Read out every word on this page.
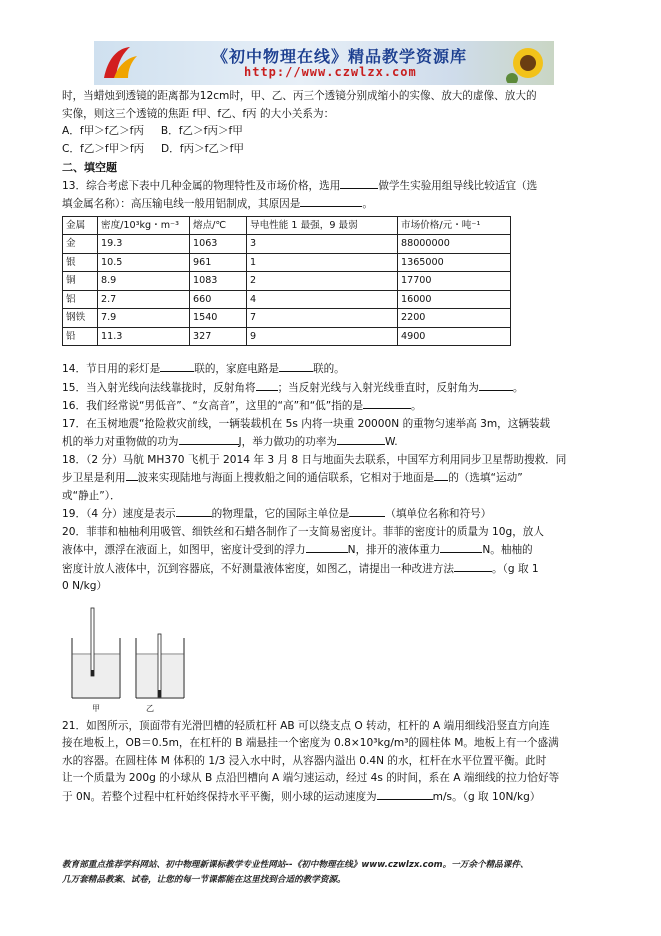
《初中物理在线》精品教学资源库
http://www.czwlzx.com

时，当蜡烛到透镜的距离都为12cm时，甲、乙、丙三个透镜分别成缩小的实像、放大的虚像、放大的

实像，则这三个透镜的焦距 f甲、f乙、f丙 的大小关系为：

A．f甲＞f乙＞f丙 B．f乙＞f丙＞f甲

C．f乙＞f甲＞f丙 D．f丙＞f乙＞f甲

二、填空题

13．综合考虑下表中几种金属的物理特性及市场价格，选用	做学生实验用组导线比较适宜（选

填金属名称）：高压输电线一般用铝制成，其原因是	。

金属	密度/10³kg・m⁻³	熔点/℃	导电性能 1 最强，9 最弱	市场价格/元・吨⁻¹
金	19.3	1063	3	88000000
银	10.5	961	1	1365000
铜	8.9	1083	2	17700
铝	2.7	660	4	16000
钢铁	7.9	1540	7	2200
铅	11.3	327	9	4900

14．节日用的彩灯是	联的，家庭电路是	联的。

15．当入射光线向法线靠拢时，反射角将 ；当反射光线与入射光线垂直时，反射角为	。

16．我们经常说“男低音”、“女高音”，这里的“高”和“低”指的是	。

17．在玉树地震“抢险救灾前线，一辆装载机在 5s 内将一块重 20000N 的重物匀速举高 3m，这辆装载

机的举力对重物做的功为	J，举力做功的功率为	W.

18．（2 分）马航 MH370 飞机于 2014 年 3 月 8 日与地面失去联系，中国军方利用同步卫星帮助搜救．同

步卫星是利用 波来实现陆地与海面上搜救船之间的通信联系，它相对于地面是 的（选填“运动”

或“静止”）．

19．（4 分）速度是表示	的物理量，它的国际主单位是	（填单位名称和符号）

20．菲菲和柚柚利用吸管、细铁丝和石蜡各制作了一支简易密度计。菲菲的密度计的质量为 10g，放人

液体中，漂浮在液面上，如图甲，密度计受到的浮力	N，排开的液体重力	N。柚柚的

密度计放人液体中，沉到容器底，不好测量液体密度，如图乙，请提出一种改进方法	。（g 取 1

0 N/kg）

甲	乙

21．如图所示，顶面带有光滑凹槽的轻质杠杆 AB 可以绕支点 O 转动，杠杆的 A 端用细线沿竖直方向连

接在地板上，OB＝0.5m，在杠杆的 B 端悬挂一个密度为 0.8×10³kg/m³的圆柱体 M。地板上有一个盛满

水的容器。在圆柱体 M 体积的 1/3 浸入水中时，从容器内溢出 0.4N 的水，杠杆在水平位置平衡。此时

让一个质量为 200g 的小球从 B 点沿凹槽向 A 端匀速运动，经过 4s 的时间，系在 A 端细线的拉力恰好等

于 0N。若整个过程中杠杆始终保持水平平衡，则小球的运动速度为	m/s。（g 取 10N/kg）

教育部重点推荐学科网站、初中物理新课标教学专业性网站--《初中物理在线》www.czwlzx.com。一万余个精品课件、
几万套精品教案、试卷，让您的每一节课都能在这里找到合适的教学资源。
